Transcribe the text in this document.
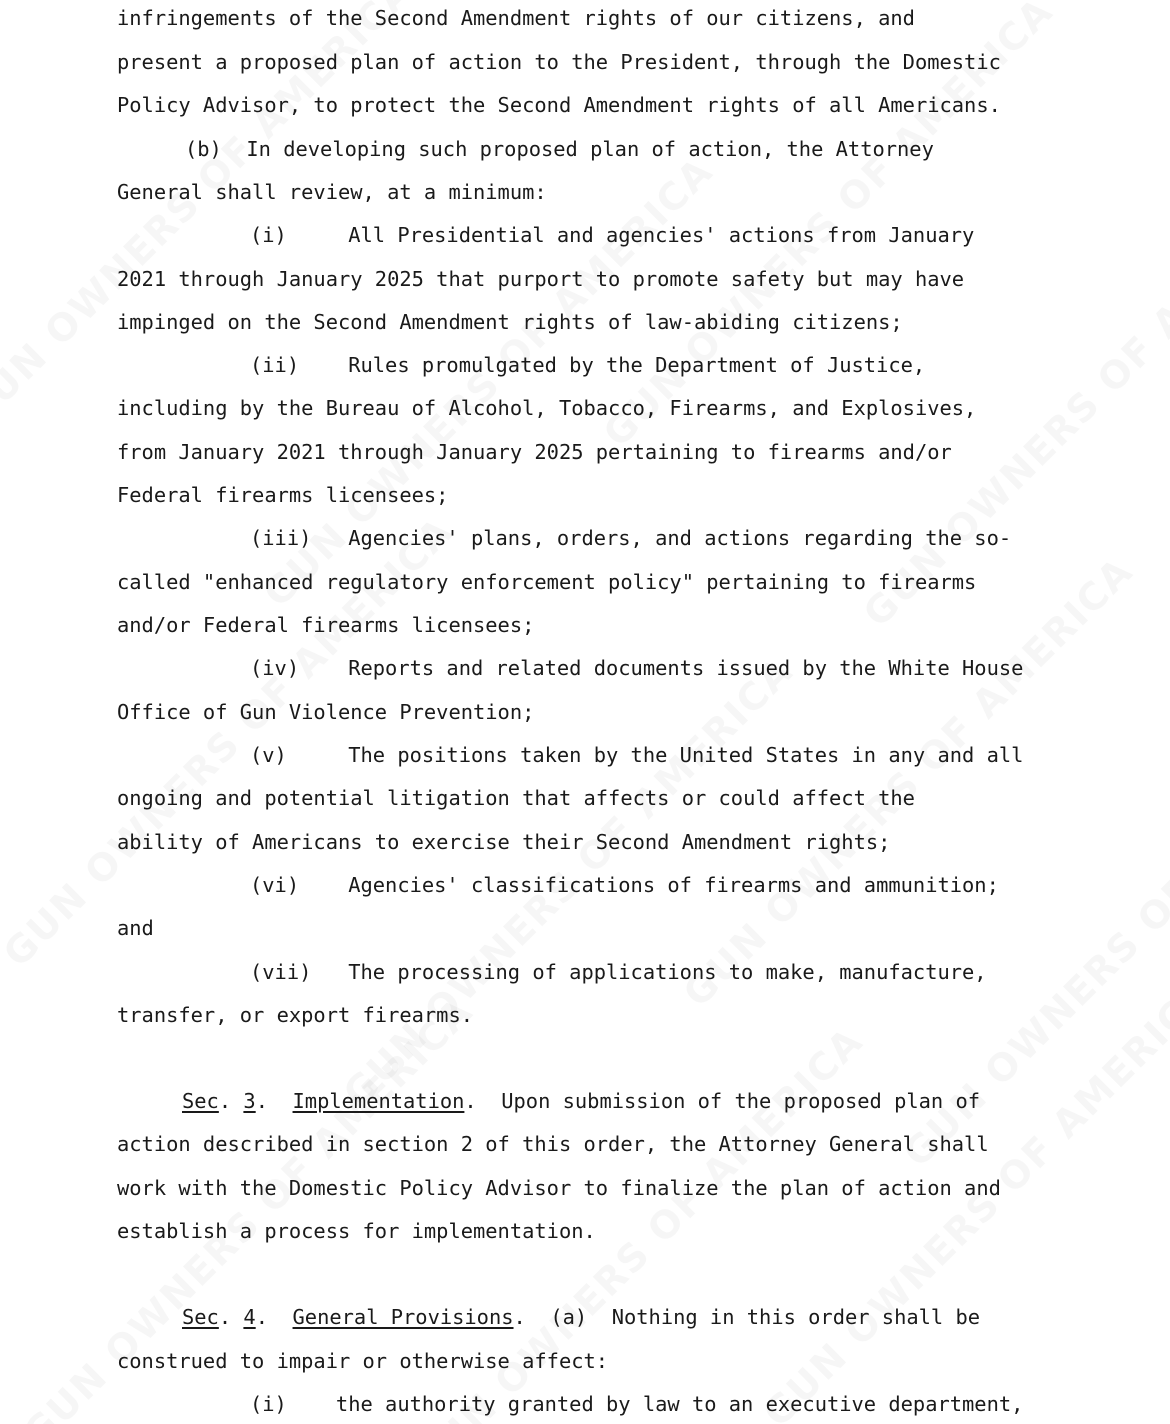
infringements of the Second Amendment rights of our citizens, and

present a proposed plan of action to the President, through the Domestic

Policy Advisor, to protect the Second Amendment rights of all Americans.

(b)  In developing such proposed plan of action, the Attorney

General shall review, at a minimum:

(i)     All Presidential and agencies' actions from January

2021 through January 2025 that purport to promote safety but may have

impinged on the Second Amendment rights of law-abiding citizens;

(ii)    Rules promulgated by the Department of Justice,

including by the Bureau of Alcohol, Tobacco, Firearms, and Explosives,

from January 2021 through January 2025 pertaining to firearms and/or

Federal firearms licensees;

(iii)   Agencies' plans, orders, and actions regarding the so-

called "enhanced regulatory enforcement policy" pertaining to firearms

and/or Federal firearms licensees;

(iv)    Reports and related documents issued by the White House

Office of Gun Violence Prevention;

(v)     The positions taken by the United States in any and all

ongoing and potential litigation that affects or could affect the

ability of Americans to exercise their Second Amendment rights;

(vi)    Agencies' classifications of firearms and ammunition;

and

(vii)   The processing of applications to make, manufacture,

transfer, or export firearms.

Sec. 3.  Implementation.  Upon submission of the proposed plan of

action described in section 2 of this order, the Attorney General shall

work with the Domestic Policy Advisor to finalize the plan of action and

establish a process for implementation.

Sec. 4.  General Provisions.  (a)  Nothing in this order shall be

construed to impair or otherwise affect:

(i)    the authority granted by law to an executive department,
